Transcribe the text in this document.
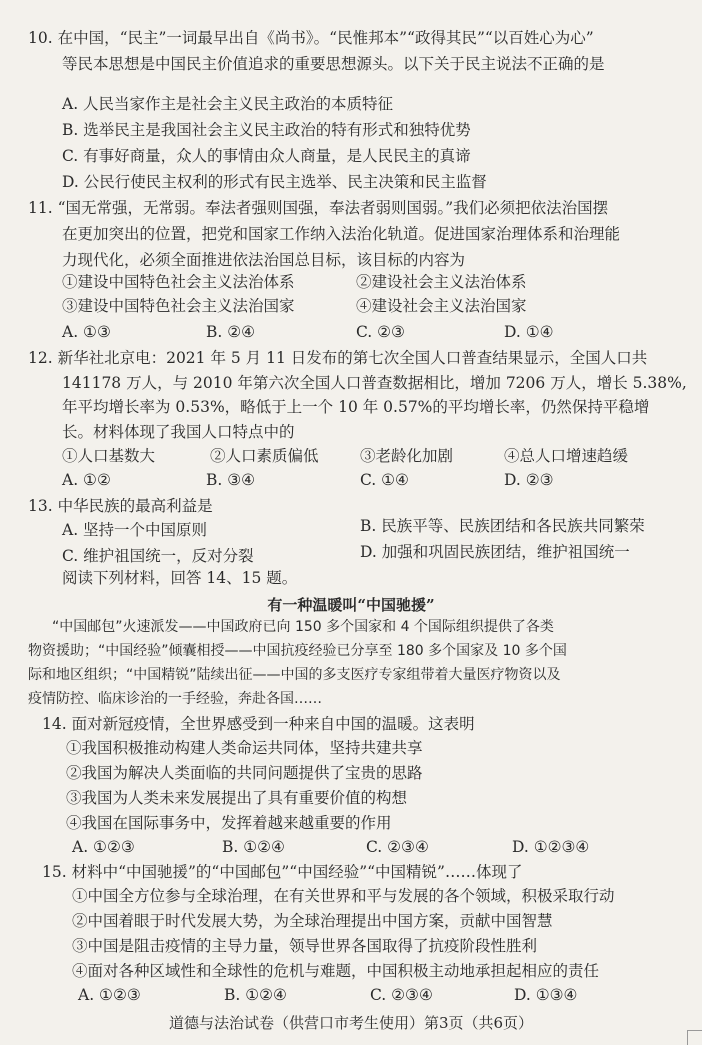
10. 在中国，“民主”一词最早出自《尚书》。“民惟邦本”“政得其民”“以百姓心为心”
等民本思想是中国民主价值追求的重要思想源头。以下关于民主说法不正确的是
A. 人民当家作主是社会主义民主政治的本质特征
B. 选举民主是我国社会主义民主政治的特有形式和独特优势
C. 有事好商量，众人的事情由众人商量，是人民民主的真谛
D. 公民行使民主权利的形式有民主选举、民主决策和民主监督
11. “国无常强，无常弱。奉法者强则国强，奉法者弱则国弱。”我们必须把依法治国摆
在更加突出的位置，把党和国家工作纳入法治化轨道。促进国家治理体系和治理能
力现代化，必须全面推进依法治国总目标，该目标的内容为
①建设中国特色社会主义法治体系	②建设社会主义法治体系
③建设中国特色社会主义法治国家	④建设社会主义法治国家
A. ①③	B. ②④	C. ②③	D. ①④
12. 新华社北京电：2021 年 5 月 11 日发布的第七次全国人口普查结果显示，全国人口共
141178 万人，与 2010 年第六次全国人口普查数据相比，增加 7206 万人，增长 5.38%,
年平均增长率为 0.53%，略低于上一个 10 年 0.57%的平均增长率，仍然保持平稳增
长。材料体现了我国人口特点中的
①人口基数大	②人口素质偏低	③老龄化加剧	④总人口增速趋缓
A. ①②	B. ③④	C. ①④	D. ②③
13. 中华民族的最高利益是
A. 坚持一个中国原则	B. 民族平等、民族团结和各民族共同繁荣
C. 维护祖国统一，反对分裂	D. 加强和巩固民族团结，维护祖国统一
阅读下列材料，回答 14、15 题。
有一种温暖叫“中国驰援”
“中国邮包”火速派发——中国政府已向 150 多个国家和 4 个国际组织提供了各类
物资援助；“中国经验”倾囊相授——中国抗疫经验已分享至 180 多个国家及 10 多个国
际和地区组织；“中国精锐”陆续出征——中国的多支医疗专家组带着大量医疗物资以及
疫情防控、临床诊治的一手经验，奔赴各国……
14. 面对新冠疫情，全世界感受到一种来自中国的温暖。这表明
①我国积极推动构建人类命运共同体，坚持共建共享
②我国为解决人类面临的共同问题提供了宝贵的思路
③我国为人类未来发展提出了具有重要价值的构想
④我国在国际事务中，发挥着越来越重要的作用
A. ①②③	B. ①②④	C. ②③④	D. ①②③④
15. 材料中“中国驰援”的“中国邮包”“中国经验”“中国精锐”……体现了
①中国全方位参与全球治理，在有关世界和平与发展的各个领域，积极采取行动
②中国着眼于时代发展大势，为全球治理提出中国方案，贡献中国智慧
③中国是阻击疫情的主导力量，领导世界各国取得了抗疫阶段性胜利
④面对各种区域性和全球性的危机与难题，中国积极主动地承担起相应的责任
A. ①②③	B. ①②④	C. ②③④	D. ①③④
道德与法治试卷（供营口市考生使用）第3页（共6页）
